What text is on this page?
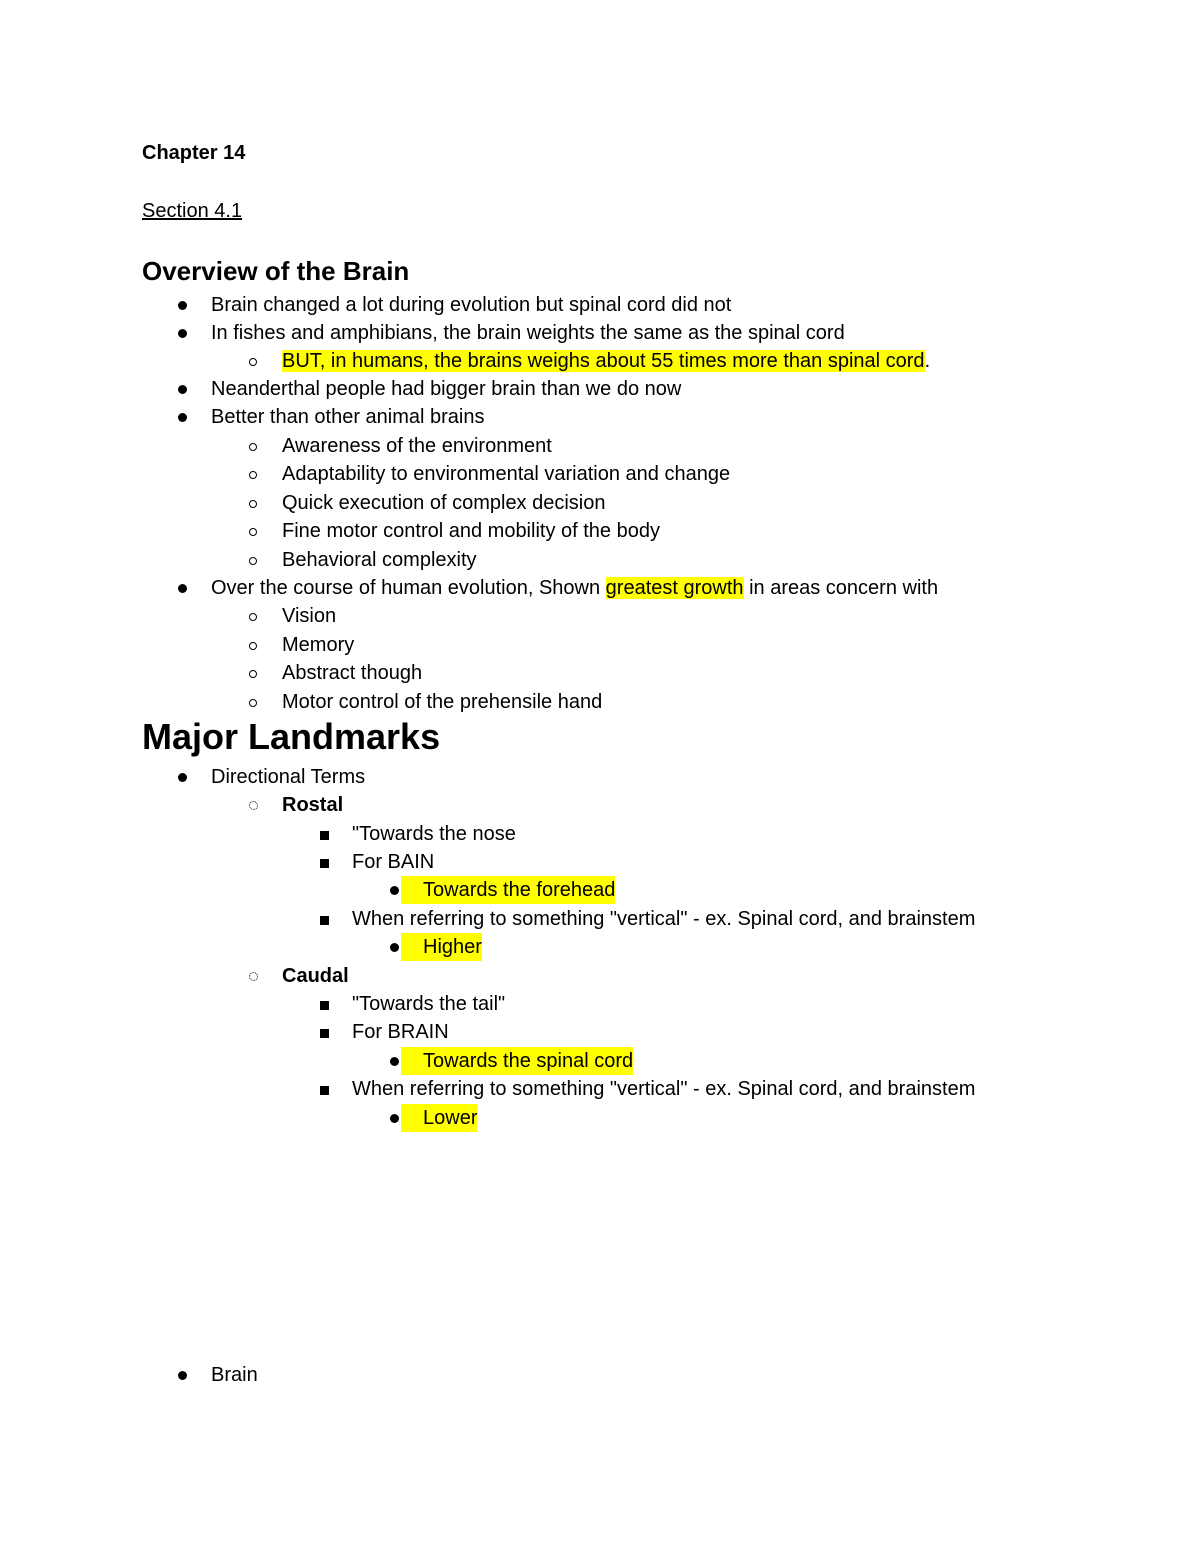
Chapter 14
Section 4.1
Overview of the Brain
Brain changed a lot during evolution but spinal cord did not
In fishes and amphibians, the brain weights the same as the spinal cord
BUT, in humans, the brains weighs about 55 times more than spinal cord.
Neanderthal people had bigger brain than we do now
Better than other animal brains
Awareness of the environment
Adaptability to environmental variation and change
Quick execution of complex decision
Fine motor control and mobility of the body
Behavioral complexity
Over the course of human evolution, Shown greatest growth in areas concern with
Vision
Memory
Abstract though
Motor control of the prehensile hand
Major Landmarks
Directional Terms
Rostal
"Towards the nose
For BAIN
Towards the forehead
When referring to something "vertical" - ex. Spinal cord, and brainstem
Higher
Caudal
"Towards the tail"
For BRAIN
Towards the spinal cord
When referring to something "vertical" - ex. Spinal cord, and brainstem
Lower
Brain
